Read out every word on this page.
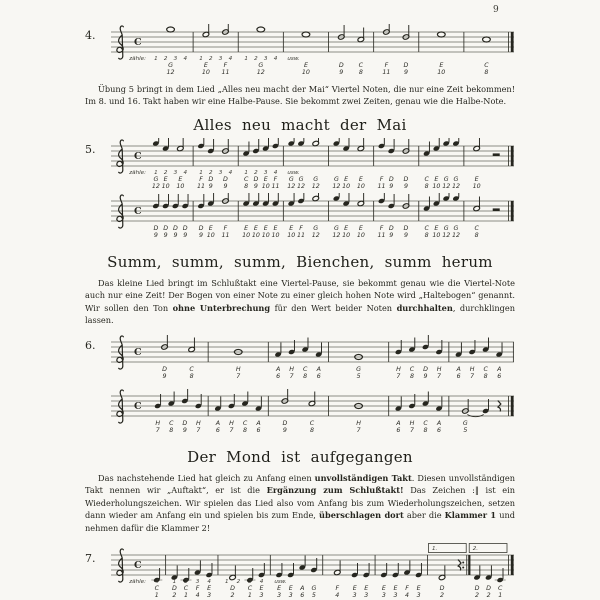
9
4.
C
zähle:
G
12
1 2 3 4
E
10
F
11
1 2 3 4
G
12
1 2 3 4
E
10
usw.
D
9
C
8
F
11
D
9
E
10
C
8

Übung 5 bringt in dem Lied „Alles neu macht der Mai“ Viertel Noten, die nur eine Zeit bekommen! Im 8. und 16. Takt haben wir eine Halbe-Pause. Sie bekommt zwei Zeiten, genau wie die Halbe-Note.

Alles neu macht der Mai
5.
C
zähle:
G
12
E
10
E
10
1 2 3 4
F
11
D
9
D
9
1 2 3 4
C
8
D
9
E
10
F
11
1 2 3 4
G
12
G
12
G
12
usw.
G
12
E
10
E
10
F
11
D
9
D
9
C
8
E
10
G
12
G
12
E
10
C
D
9
D
9
D
9
D
9
D
9
E
10
F
11
E
10
E
10
E
10
E
10
E
10
F
11
G
12
G
12
E
10
E
10
F
11
D
9
D
9
C
8
E
10
G
12
G
12
C
8
Summ, summ, summ, Bienchen, summ herum

Das kleine Lied bringt im Schlußtakt eine Viertel-Pause, sie bekommt genau wie die Viertel-Note auch nur eine Zeit! Der Bogen von einer Note zu einer gleich hohen Note wird „Haltebogen“ genannt. Wir sollen den Ton ohne Unterbrechung für den Wert beider Noten durchhalten, durchklingen lassen.

6.
C
D
9
C
8
H
7
A
6
H
7
C
8
A
6
G
5
H
7
C
8
D
9
H
7
A
6
H
7
C
8
A
6
C
H
7
C
8
D
9
H
7
A
6
H
7
C
8
A
6
D
9
C
8
H
7
A
6
H
7
C
8
A
6
G
5
Der Mond ist aufgegangen

Das nachstehende Lied hat gleich zu Anfang einen unvollständigen Takt. Diesen unvollständigen Takt nennen wir „Auftakt“, er ist die Ergänzung zum Schlußtakt! Das Zeichen :‖ ist ein Wiederholungszeichen. Wir spielen das Lied also vom Anfang bis zum Wiederholungszeichen, setzen dann wieder am Anfang ein und spielen bis zum Ende, überschlagen dort aber die Klammer 1 und nehmen dafür die Klammer 2!

7.
C
zähle:
C
1
4
D
2
C
1
F
4
E
3
1 2 3 4
D
2
C
1
E
3
1 2 3 4
E
3
E
3
A
6
G
5
usw.
F
4
E
3
E
3
E
3
E
3
F
4
E
3
D
2
1.
D
2
D
2
C
1
2.
